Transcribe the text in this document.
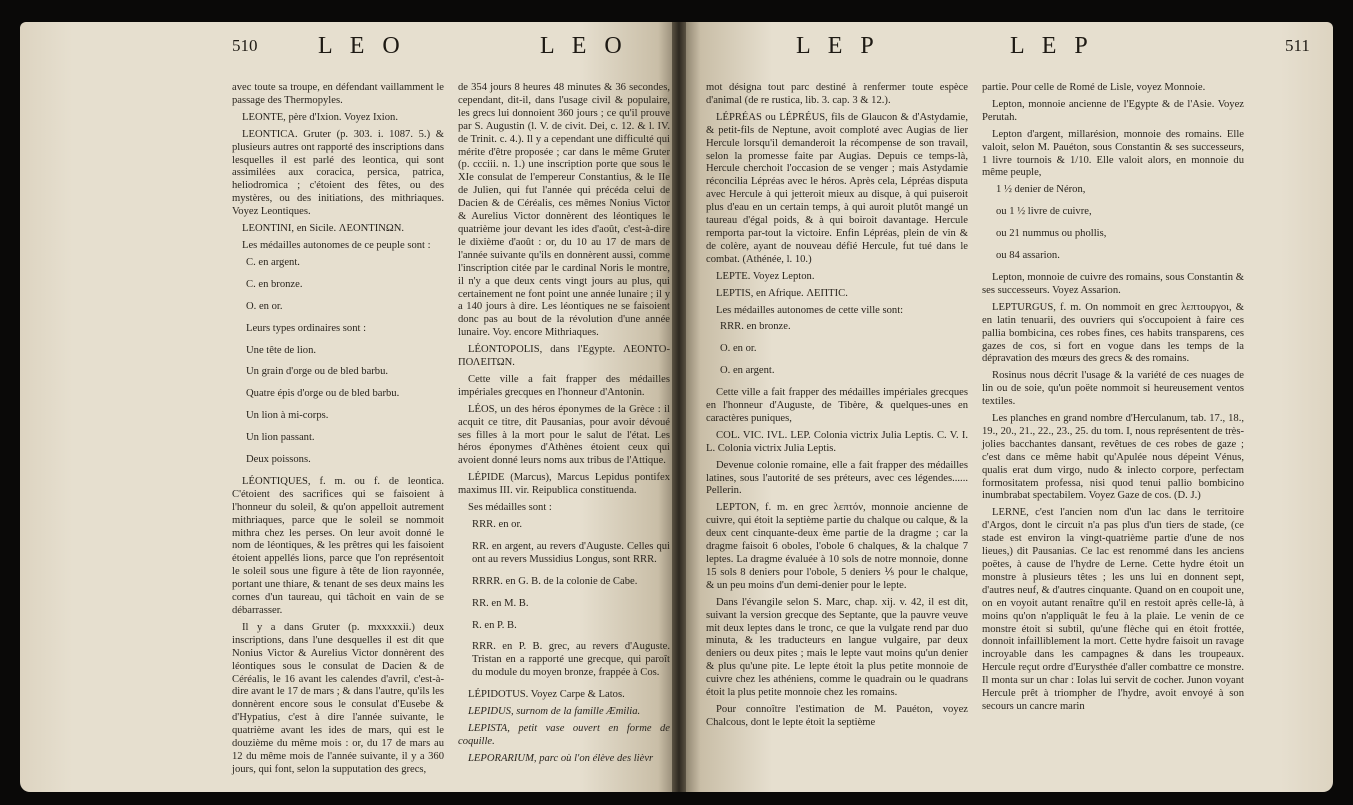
510	L E O	L E O	L E P	L E P	511

avec toute sa troupe, en défendant vaillamment le passage des Thermopyles.

LEONTE, père d'Ixion. Voyez Ixion.

LEONTICA. Gruter (p. 303. i. 1087. 5.) & plusieurs autres ont rapporté des inscriptions dans lesquelles il est parlé des leontica, qui sont assimilées aux coracica, persica, patrica, heliodromica ; c'étoient des fêtes, ou des mystères, ou des initiations, des mithriaques. Voyez Leontiques.

LEONTINI, en Sicile. ΛΕΟΝΤΙΝΩΝ.

Les médailles autonomes de ce peuple sont :

C. en argent.

C. en bronze.

O. en or.

Leurs types ordinaires sont :

Une tête de lion.

Un grain d'orge ou de bled barbu.

Quatre épis d'orge ou de bled barbu.

Un lion à mi-corps.

Un lion passant.

Deux poissons.

LÉONTIQUES, f. m. ou f. de leontica. C'étoient des sacrifices qui se faisoient à l'honneur du soleil, & qu'on appelloit autrement mithriaques, parce que le soleil se nommoit mithra chez les perses. On leur avoit donné le nom de léontiques, & les prêtres qui les faisoient étoient appellés lions, parce que l'on représentoit le soleil sous une figure à tête de lion rayonnée, portant une thiare, & tenant de ses deux mains les cornes d'un taureau, qui tâchoit en vain de se débarrasser.

Il y a dans Gruter (p. mxxxxxii.) deux inscriptions, dans l'une desquelles il est dit que Nonius Victor & Aurelius Victor donnèrent des léontiques sous le consulat de Dacien & de Céréalis, le 16 avant les calendes d'avril, c'est-à-dire avant le 17 de mars ; & dans l'autre, qu'ils les donnèrent encore sous le consulat d'Eusebe & d'Hypatius, c'est à dire l'année suivante, le quatrième avant les ides de mars, qui est le douzième du même mois : or, du 17 de mars au 12 du même mois de l'année suivante, il y a 360 jours, qui font, selon la supputation des grecs,

de 354 jours 8 heures 48 minutes & 36 secondes, cependant, dit-il, dans l'usage civil & populaire, les grecs lui donnoient 360 jours ; ce qu'il prouve par S. Augustin (l. V. de civit. Dei, c. 12. & l. IV. de Trinit. c. 4.). Il y a cependant une difficulté qui mérite d'être proposée ; car dans le même Gruter (p. ccciii. n. 1.) une inscription porte que sous le XIe consulat de l'empereur Constantius, & le IIe de Julien, qui fut l'année qui précéda celui de Dacien & de Céréalis, ces mêmes Nonius Victor & Aurelius Victor donnèrent des léontiques le quatrième jour devant les ides d'août, c'est-à-dire le dixième d'août : or, du 10 au 17 de mars de l'année suivante qu'ils en donnèrent aussi, comme l'inscription citée par le cardinal Noris le montre, il n'y a que deux cents vingt jours au plus, qui certainement ne font point une année lunaire ; il y a 140 jours à dire. Les léontiques ne se faisoient donc pas au bout de la révolution d'une année lunaire. Voy. encore Mithriaques.

LÉONTOPOLIS, dans l'Egypte. ΛΕΟΝΤΟ-ΠΟΛΕΙΤΩΝ.

Cette ville a fait frapper des médailles impériales grecques en l'honneur d'Antonin.

LÉOS, un des héros éponymes de la Grèce : il acquit ce titre, dit Pausanias, pour avoir dévoué ses filles à la mort pour le salut de l'état. Les héros éponymes d'Athènes étoient ceux qui avoient donné leurs noms aux tribus de l'Attique.

LÉPIDE (Marcus), Marcus Lepidus pontifex maximus III. vir. Reipublica constituenda.

Ses médailles sont :

RRR. en or.

RR. en argent, au revers d'Auguste. Celles qui ont au revers Mussidius Longus, sont RRR.

RRRR. en G. B. de la colonie de Cabe.

RR. en M. B.

R. en P. B.

RRR. en P. B. grec, au revers d'Auguste. Tristan en a rapporté une grecque, qui paroît du module du moyen bronze, frappée à Cos.

LÉPIDOTUS. Voyez Carpe & Latos.

LEPIDUS, surnom de la famille Æmilia.

LEPISTA, petit vase ouvert en forme de coquille.

LEPORARIUM, parc où l'on élève des lièvr

mot désigna tout parc destiné à renfermer toute espèce d'animal (de re rustica, lib. 3. cap. 3 & 12.).

LÉPRÉAS ou LÉPRÉUS, fils de Glaucon & d'Astydamie, & petit-fils de Neptune, avoit comploté avec Augias de lier Hercule lorsqu'il demanderoit la récompense de son travail, selon la promesse faite par Augias. Depuis ce temps-là, Hercule cherchoit l'occasion de se venger ; mais Astydamie réconcilia Lépréas avec le héros. Après cela, Lépréas disputa avec Hercule à qui jetteroit mieux au disque, à qui puiseroit plus d'eau en un certain temps, à qui auroit plutôt mangé un taureau d'égal poids, & à qui boiroit davantage. Hercule remporta par-tout la victoire. Enfin Lépréas, plein de vin & de colère, ayant de nouveau défié Hercule, fut tué dans le combat. (Athénée, l. 10.)

LEPTE. Voyez Lepton.

LEPTIS, en Afrique. ΛΕΠΤΙC.

Les médailles autonomes de cette ville sont:

RRR. en bronze.

O. en or.

O. en argent.

Cette ville a fait frapper des médailles impériales grecques en l'honneur d'Auguste, de Tibère, & quelques-unes en caractères puniques,

COL. VIC. IVL. LEP. Colonia victrix Julia Leptis. C. V. I. L. Colonia victrix Julia Leptis.

Devenue colonie romaine, elle a fait frapper des médailles latines, sous l'autorité de ses préteurs, avec ces légendes...... Pellerin.

LEPTON, f. m. en grec λεπτόν, monnoie ancienne de cuivre, qui étoit la septième partie du chalque ou calque, & la deux cent cinquante-deux ème partie de la dragme ; car la dragme faisoit 6 oboles, l'obole 6 chalques, & la chalque 7 leptes. La dragme évaluée à 10 sols de notre monnoie, donne 15 sols 8 deniers pour l'obole, 5 deniers ⅕ pour le chalque, & un peu moins d'un demi-denier pour le lepte.

Dans l'évangile selon S. Marc, chap. xij. v. 42, il est dit, suivant la version grecque des Septante, que la pauvre veuve mit deux leptes dans le tronc, ce que la vulgate rend par duo minuta, & les traducteurs en langue vulgaire, par deux deniers ou deux pites ; mais le lepte vaut moins qu'un denier & plus qu'une pite. Le lepte étoit la plus petite monnoie de cuivre chez les athéniens, comme le quadrain ou le quadrans étoit la plus petite monnoie chez les romains.

Pour connoître l'estimation de M. Pauéton, voyez Chalcous, dont le lepte étoit la septième

partie. Pour celle de Romé de Lisle, voyez Monnoie.

Lepton, monnoie ancienne de l'Egypte & de l'Asie. Voyez Perutah.

Lepton d'argent, millarésion, monnoie des romains. Elle valoit, selon M. Pauéton, sous Constantin & ses successeurs, 1 livre tournois & 1/10. Elle valoit alors, en monnoie du même peuple,

1 ½ denier de Néron,

ou 1 ½ livre de cuivre,

ou 21 nummus ou phollis,

ou 84 assarion.

Lepton, monnoie de cuivre des romains, sous Constantin & ses successeurs. Voyez Assarion.

LEPTURGUS, f. m. On nommoit en grec λεπτουργοι, & en latin tenuarii, des ouvriers qui s'occupoient à faire ces pallia bombicina, ces robes fines, ces habits transparens, ces gazes de cos, si fort en vogue dans les temps de la dépravation des mœurs des grecs & des romains.

Rosinus nous décrit l'usage & la variété de ces nuages de lin ou de soie, qu'un poëte nommoit si heureusement ventos textiles.

Les planches en grand nombre d'Herculanum, tab. 17., 18., 19., 20., 21., 22., 23., 25. du tom. I, nous représentent de très-jolies bacchantes dansant, revêtues de ces robes de gaze ; c'est dans ce même habit qu'Apulée nous dépeint Vénus, qualis erat dum virgo, nudo & inlecto corpore, perfectam formositatem professa, nisi quod tenui pallio bombicino inumbrabat spectabilem. Voyez Gaze de cos. (D. J.)

LERNE, c'est l'ancien nom d'un lac dans le territoire d'Argos, dont le circuit n'a pas plus d'un tiers de stade, (ce stade est environ la vingt-quatrième partie d'une de nos lieues,) dit Pausanias. Ce lac est renommé dans les anciens poëtes, à cause de l'hydre de Lerne. Cette hydre étoit un monstre à plusieurs têtes ; les uns lui en donnent sept, d'autres neuf, & d'autres cinquante. Quand on en coupoit une, on en voyoit autant renaître qu'il en restoit après celle-là, à moins qu'on n'appliquât le feu à la plaie. Le venin de ce monstre étoit si subtil, qu'une flèche qui en étoit frottée, donnoit infailliblement la mort. Cette hydre faisoit un ravage incroyable dans les campagnes & dans les troupeaux. Hercule reçut ordre d'Eurysthée d'aller combattre ce monstre. Il monta sur un char : Iolas lui servit de cocher. Junon voyant Hercule prêt à triompher de l'hydre, avoit envoyé à son secours un cancre marin
